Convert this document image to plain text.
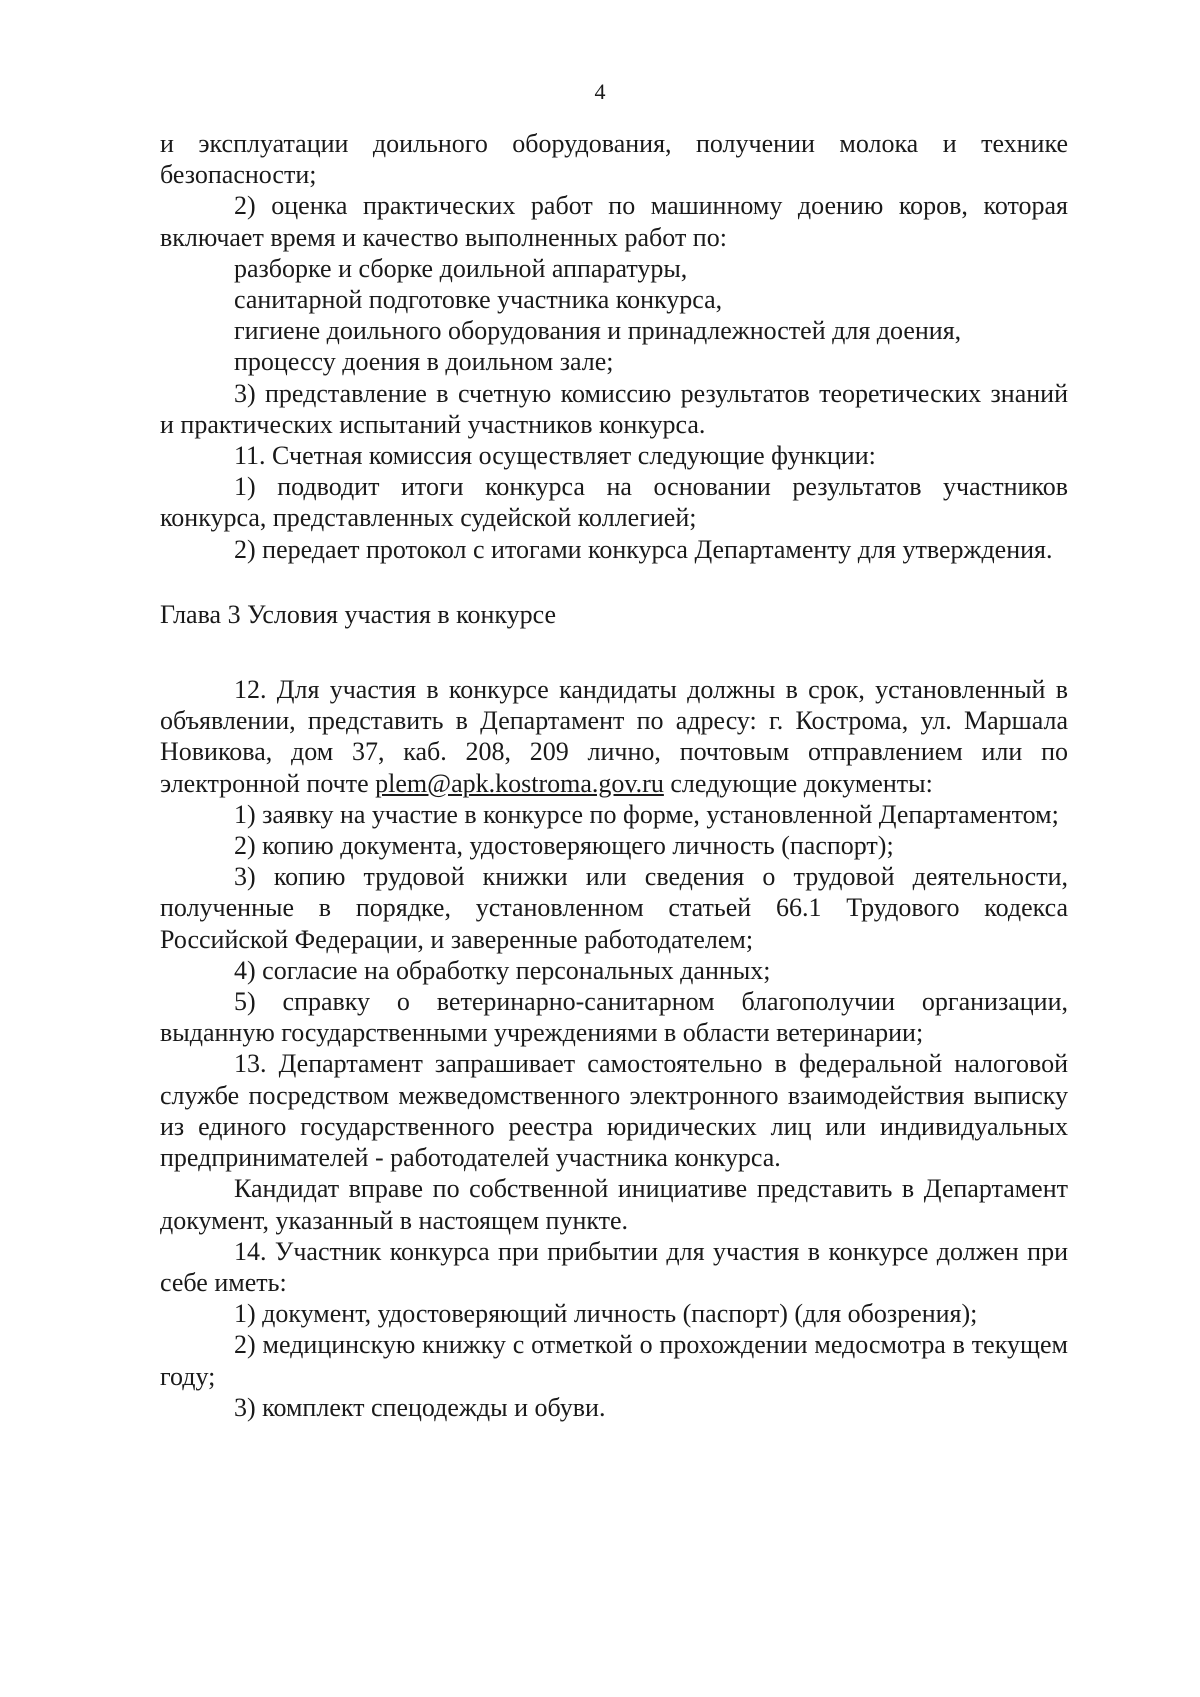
4

и эксплуатации доильного оборудования, получении молока и технике безопасности;

2) оценка практических работ по машинному доению коров, которая включает время и качество выполненных работ по:

разборке и сборке доильной аппаратуры,

санитарной подготовке участника конкурса,

гигиене доильного оборудования и принадлежностей для доения,

процессу доения в доильном зале;

3) представление в счетную комиссию результатов теоретических знаний и практических испытаний участников конкурса.

11. Счетная комиссия осуществляет следующие функции:

1) подводит итоги конкурса на основании результатов участников конкурса, представленных судейской коллегией;

2) передает протокол с итогами конкурса Департаменту для утверждения.

Глава 3 Условия участия в конкурсе

12. Для участия в конкурсе кандидаты должны в срок, установленный в объявлении, представить в Департамент по адресу: г. Кострома, ул. Маршала Новикова, дом 37, каб. 208, 209 лично, почтовым отправлением или по электронной почте plem@apk.kostroma.gov.ru следующие документы:

1) заявку на участие в конкурсе по форме, установленной Департаментом;

2) копию документа, удостоверяющего личность (паспорт);

3) копию трудовой книжки или сведения о трудовой деятельности, полученные в порядке, установленном статьей 66.1 Трудового кодекса Российской Федерации, и заверенные работодателем;

4) согласие на обработку персональных данных;

5) справку о ветеринарно-санитарном благополучии организации, выданную государственными учреждениями в области ветеринарии;

13. Департамент запрашивает самостоятельно в федеральной налоговой службе посредством межведомственного электронного взаимодействия выписку из единого государственного реестра юридических лиц или индивидуальных предпринимателей - работодателей участника конкурса.

Кандидат вправе по собственной инициативе представить в Департамент документ, указанный в настоящем пункте.

14. Участник конкурса при прибытии для участия в конкурсе должен при себе иметь:

1) документ, удостоверяющий личность (паспорт) (для обозрения);

2) медицинскую книжку с отметкой о прохождении медосмотра в текущем году;

3) комплект спецодежды и обуви.
